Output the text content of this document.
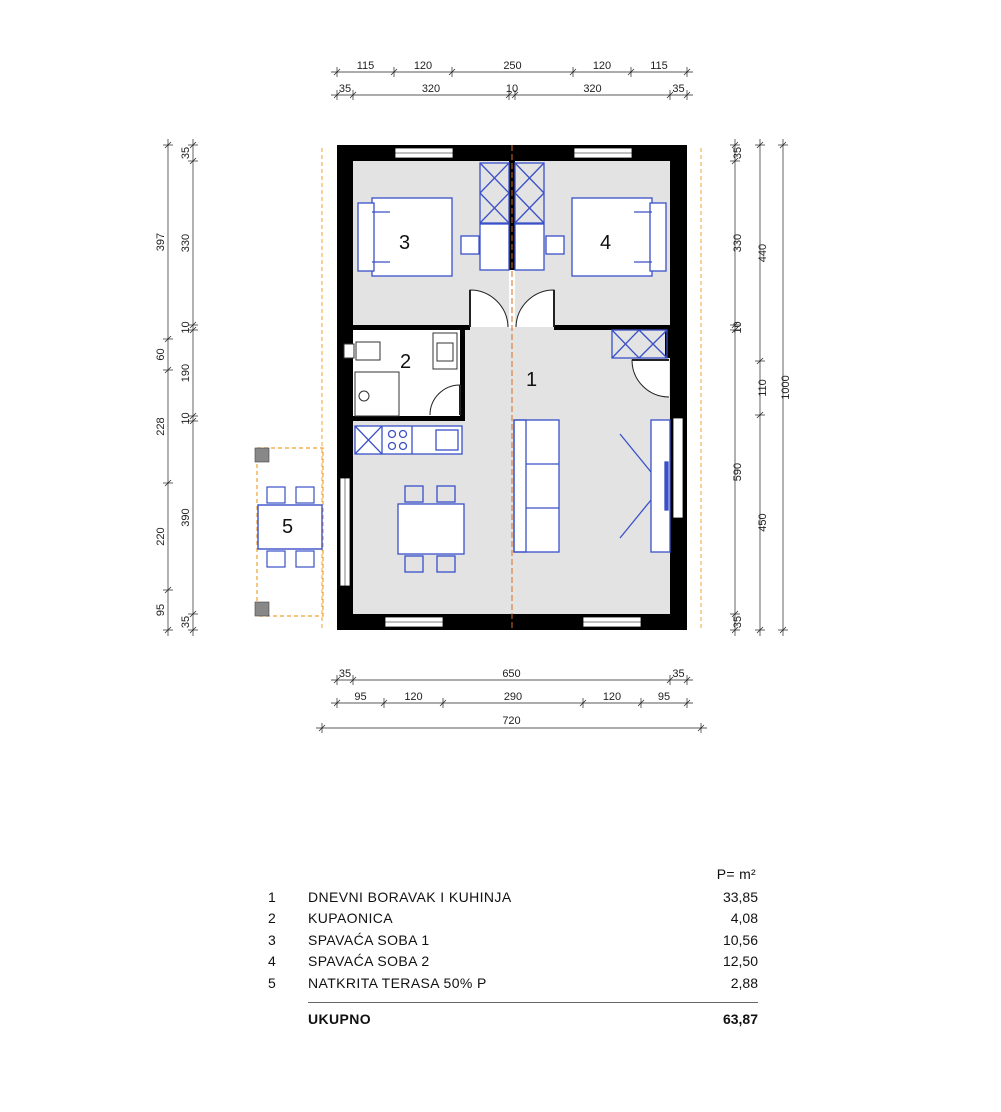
3	4
2
1
5
115	120	250	120	115
35	320	10	320	35
397
60
228
220
95
35
330
10
190
10
390
35
35
330
10
590
35
440
110
450
1000
35	650	35
95	120	290	120	95
720
P= m²
1	DNEVNI BORAVAK I KUHINJA	33,85
2	KUPAONICA	4,08
3	SPAVAĆA SOBA 1	10,56
4	SPAVAĆA SOBA 2	12,50
5	NATKRITA TERASA 50% P	2,88
UKUPNO	63,87
